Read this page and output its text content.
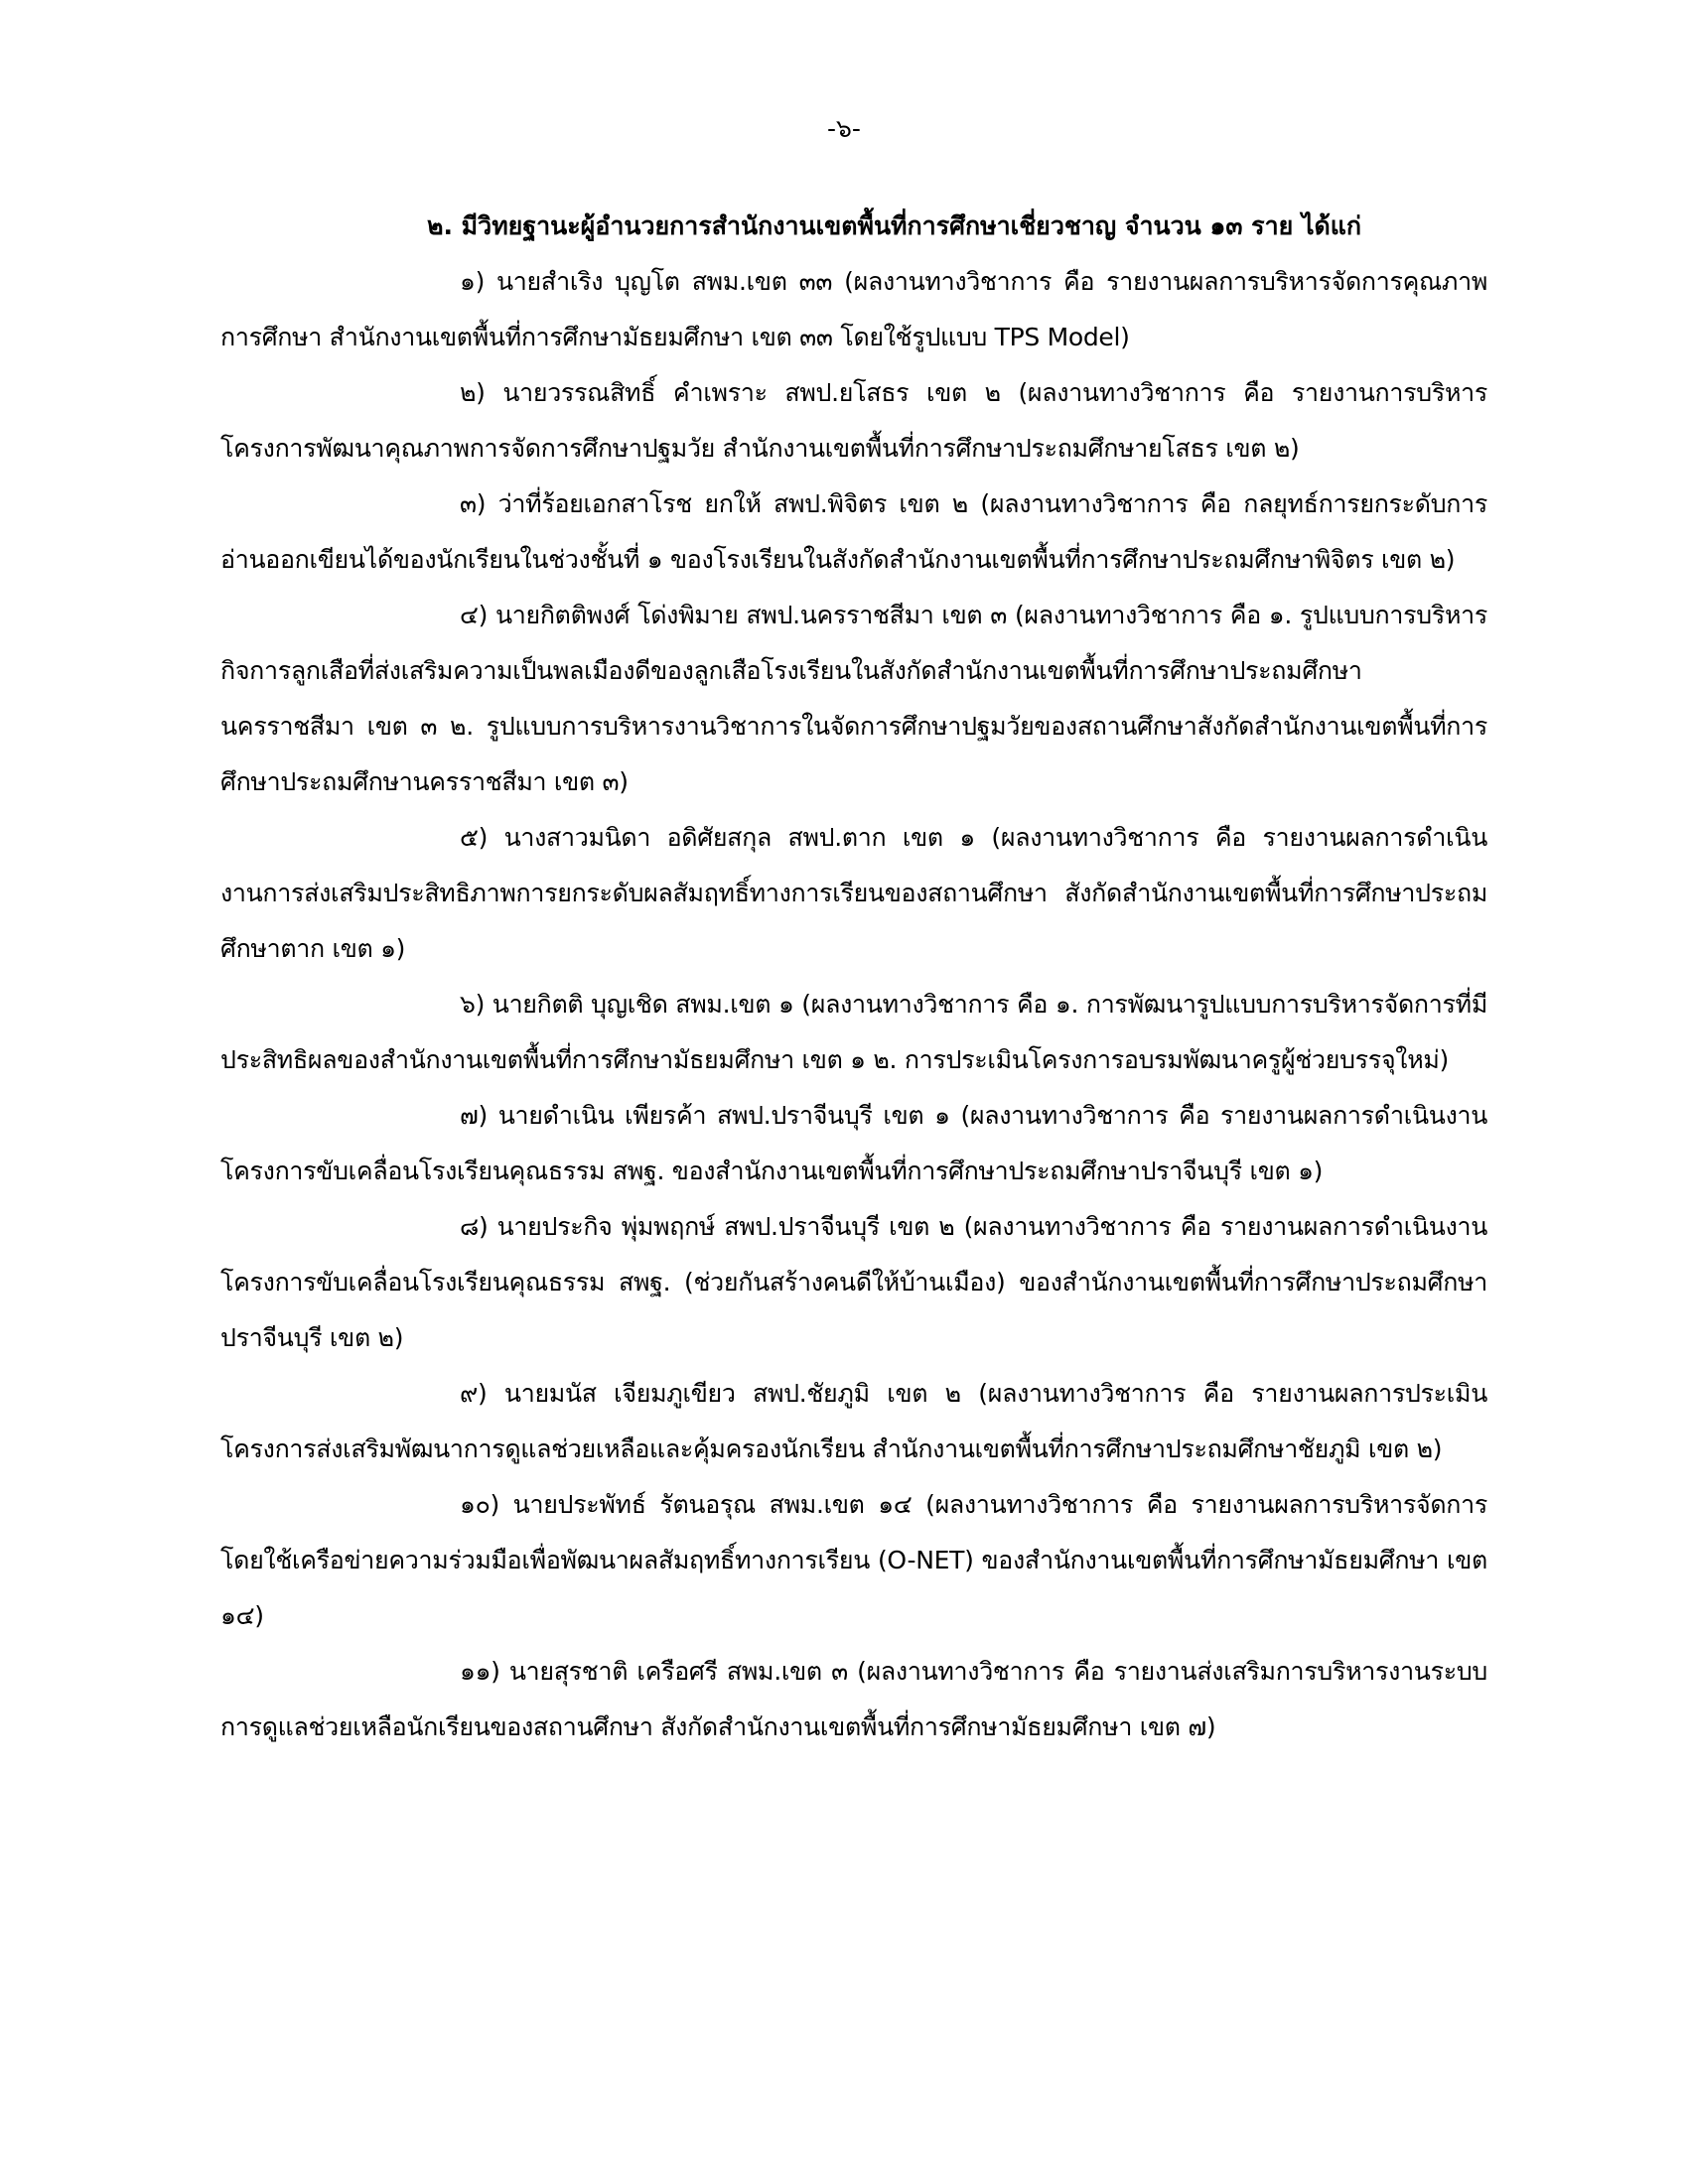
-๖-

๒. มีวิทยฐานะผู้อำนวยการสำนักงานเขตพื้นที่การศึกษาเชี่ยวชาญ จำนวน ๑๓ ราย ได้แก่

๑) นายสำเริง บุญโต สพม.เขต ๓๓ (ผลงานทางวิชาการ คือ รายงานผลการบริหารจัดการคุณภาพการศึกษา สำนักงานเขตพื้นที่การศึกษามัธยมศึกษา เขต ๓๓ โดยใช้รูปแบบ TPS Model)

๒) นายวรรณสิทธิ์ คำเพราะ สพป.ยโสธร เขต ๒ (ผลงานทางวิชาการ คือ รายงานการบริหารโครงการพัฒนาคุณภาพการจัดการศึกษาปฐมวัย สำนักงานเขตพื้นที่การศึกษาประถมศึกษายโสธร เขต ๒)

๓) ว่าที่ร้อยเอกสาโรช ยกให้ สพป.พิจิตร เขต ๒ (ผลงานทางวิชาการ คือ กลยุทธ์การยกระดับการอ่านออกเขียนได้ของนักเรียนในช่วงชั้นที่ ๑ ของโรงเรียนในสังกัดสำนักงานเขตพื้นที่การศึกษาประถมศึกษาพิจิตร เขต ๒)

๔) นายกิตติพงศ์ โด่งพิมาย สพป.นครราชสีมา เขต ๓ (ผลงานทางวิชาการ คือ ๑. รูปแบบการบริหารกิจการลูกเสือที่ส่งเสริมความเป็นพลเมืองดีของลูกเสือโรงเรียนในสังกัดสำนักงานเขตพื้นที่การศึกษาประถมศึกษานครราชสีมา เขต ๓ ๒. รูปแบบการบริหารงานวิชาการในจัดการศึกษาปฐมวัยของสถานศึกษาสังกัดสำนักงานเขตพื้นที่การศึกษาประถมศึกษานครราชสีมา เขต ๓)

๕) นางสาวมนิดา อดิศัยสกุล สพป.ตาก เขต ๑ (ผลงานทางวิชาการ คือ รายงานผลการดำเนินงานการส่งเสริมประสิทธิภาพการยกระดับผลสัมฤทธิ์ทางการเรียนของสถานศึกษา สังกัดสำนักงานเขตพื้นที่การศึกษาประถมศึกษาตาก เขต ๑)

๖) นายกิตติ บุญเชิด สพม.เขต ๑ (ผลงานทางวิชาการ คือ ๑. การพัฒนารูปแบบการบริหารจัดการที่มีประสิทธิผลของสำนักงานเขตพื้นที่การศึกษามัธยมศึกษา เขต ๑ ๒. การประเมินโครงการอบรมพัฒนาครูผู้ช่วยบรรจุใหม่)

๗) นายดำเนิน เพียรค้า สพป.ปราจีนบุรี เขต ๑ (ผลงานทางวิชาการ คือ รายงานผลการดำเนินงานโครงการขับเคลื่อนโรงเรียนคุณธรรม สพฐ. ของสำนักงานเขตพื้นที่การศึกษาประถมศึกษาปราจีนบุรี เขต ๑)

๘) นายประกิจ พุ่มพฤกษ์ สพป.ปราจีนบุรี เขต ๒ (ผลงานทางวิชาการ คือ รายงานผลการดำเนินงานโครงการขับเคลื่อนโรงเรียนคุณธรรม สพฐ. (ช่วยกันสร้างคนดีให้บ้านเมือง) ของสำนักงานเขตพื้นที่การศึกษาประถมศึกษาปราจีนบุรี เขต ๒)

๙) นายมนัส เจียมภูเขียว สพป.ชัยภูมิ เขต ๒ (ผลงานทางวิชาการ คือ รายงานผลการประเมินโครงการส่งเสริมพัฒนาการดูแลช่วยเหลือและคุ้มครองนักเรียน สำนักงานเขตพื้นที่การศึกษาประถมศึกษาชัยภูมิ เขต ๒)

๑๐) นายประพัทธ์ รัตนอรุณ สพม.เขต ๑๔ (ผลงานทางวิชาการ คือ รายงานผลการบริหารจัดการโดยใช้เครือข่ายความร่วมมือเพื่อพัฒนาผลสัมฤทธิ์ทางการเรียน (O-NET) ของสำนักงานเขตพื้นที่การศึกษามัธยมศึกษา เขต ๑๔)

๑๑) นายสุรชาติ เครือศรี สพม.เขต ๓ (ผลงานทางวิชาการ คือ รายงานส่งเสริมการบริหารงานระบบการดูแลช่วยเหลือนักเรียนของสถานศึกษา สังกัดสำนักงานเขตพื้นที่การศึกษามัธยมศึกษา เขต ๗)
